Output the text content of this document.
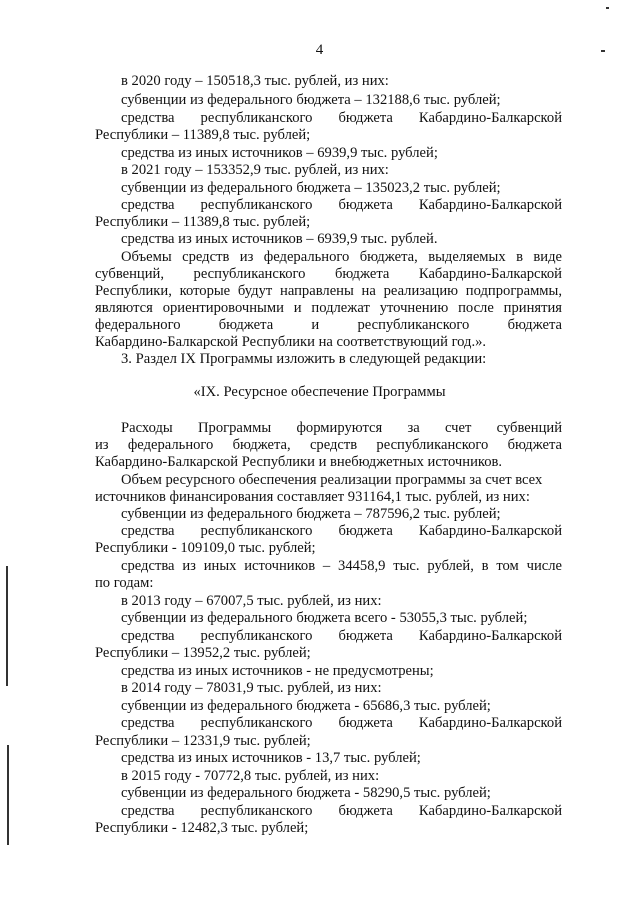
4
в 2020 году – 150518,3 тыс. рублей, из них:
субвенции из федерального бюджета – 132188,6 тыс. рублей;
средства республиканского бюджета Кабардино-Балкарской
Республики – 11389,8 тыс. рублей;
средства из иных источников – 6939,9 тыс. рублей;
в 2021 году – 153352,9 тыс. рублей, из них:
субвенции из федерального бюджета – 135023,2 тыс. рублей;
средства республиканского бюджета Кабардино-Балкарской
Республики – 11389,8 тыс. рублей;
средства из иных источников – 6939,9 тыс. рублей.
Объемы средств из федерального бюджета, выделяемых в виде
субвенций, республиканского бюджета Кабардино-Балкарской
Республики, которые будут направлены на реализацию подпрограммы,
являются ориентировочными и подлежат уточнению после принятия
федерального бюджета и республиканского бюджета
Кабардино-Балкарской Республики на соответствующий год.».
3. Раздел IX Программы изложить в следующей редакции:
«IX. Ресурсное обеспечение Программы
Расходы Программы формируются за счет субвенций
из федерального бюджета, средств республиканского бюджета
Кабардино-Балкарской Республики и внебюджетных источников.
Объем ресурсного обеспечения реализации программы за счет всех
источников финансирования составляет 931164,1 тыс. рублей, из них:
субвенции из федерального бюджета – 787596,2 тыс. рублей;
средства республиканского бюджета Кабардино-Балкарской
Республики - 109109,0 тыс. рублей;
средства из иных источников – 34458,9 тыс. рублей, в том числе
по годам:
в 2013 году – 67007,5 тыс. рублей, из них:
субвенции из федерального бюджета всего - 53055,3 тыс. рублей;
средства республиканского бюджета Кабардино-Балкарской
Республики – 13952,2 тыс. рублей;
средства из иных источников - не предусмотрены;
в 2014 году – 78031,9 тыс. рублей, из них:
субвенции из федерального бюджета - 65686,3 тыс. рублей;
средства республиканского бюджета Кабардино-Балкарской
Республики – 12331,9 тыс. рублей;
средства из иных источников - 13,7 тыс. рублей;
в 2015 году - 70772,8 тыс. рублей, из них:
субвенции из федерального бюджета - 58290,5 тыс. рублей;
средства республиканского бюджета Кабардино-Балкарской
Республики - 12482,3 тыс. рублей;
